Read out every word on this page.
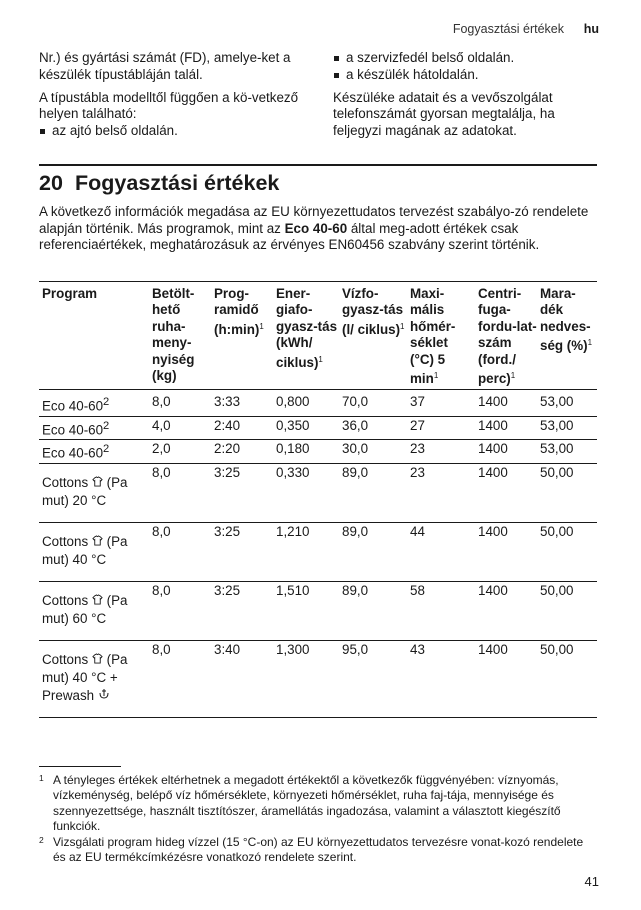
Fogyasztási értékek hu

Nr.) és gyártási számát (FD), amelye-ket a készülék típustábláján talál.

A típustábla modelltől függően a kö-vetkező helyen található:

az ajtó belső oldalán.
a szervizfedél belső oldalán.
a készülék hátoldalán.

Készüléke adatait és a vevőszolgálat telefonszámát gyorsan megtalálja, ha feljegyzi magának az adatokat.

20 Fogyasztási értékek

A következő információk megadása az EU környezettudatos tervezést szabályo-zó rendelete alapján történik. Más programok, mint az Eco 40-60 által meg-adott értékek csak referenciaértékek, meghatározásuk az érvényes EN60456 szabvány szerint történik.

Program	Betölt-hető ruha-meny-nyiség (kg)	Prog-ramidő (h:min)$^1$	Ener-giafo-gyasz-tás (kWh/ ciklus)$^1$	Vízfo-gyasz-tás (l/ ciklus)$^1$	Maxi-mális hőmér-séklet (°C) 5 $\min^1$	Centri-fuga-fordu-lat-szám (ford./ perc)$^1$	Mara-dék nedves-ség (%)$^1$
Eco $40-60^2$	8,0	3:33	0,800	70,0	37	1400	53,00
Eco $40-60^2$	4,0	2:40	0,350	36,0	27	1400	53,00
Eco $40-60^2$	2,0	2:20	0,180	30,0	23	1400	53,00
Cottons (Pa mut) 20 °C	8,0	3:25	0,330	89,0	23	1400	50,00
Cottons (Pa mut) 40 °C	8,0	3:25	1,210	89,0	44	1400	50,00
Cottons (Pa mut) 60 °C	8,0	3:25	1,510	89,0	58	1400	50,00
Cottons (Pa mut) 40 °C + Prewash	8,0	3:40	1,300	95,0	43	1400	50,00

1 A tényleges értékek eltérhetnek a megadott értékektől a következők függvényében: víznyomás, vízkeménység, belépő víz hőmérséklete, környezeti hőmérséklet, ruha faj-tája, mennyisége és szennyezettsége, használt tisztítószer, áramellátás ingadozása, valamint a választott kiegészítő funkciók.

2 Vizsgálati program hideg vízzel (15 °C-on) az EU környezettudatos tervezésre vonat-kozó rendelete és az EU termékcímkézésre vonatkozó rendelete szerint.

41
